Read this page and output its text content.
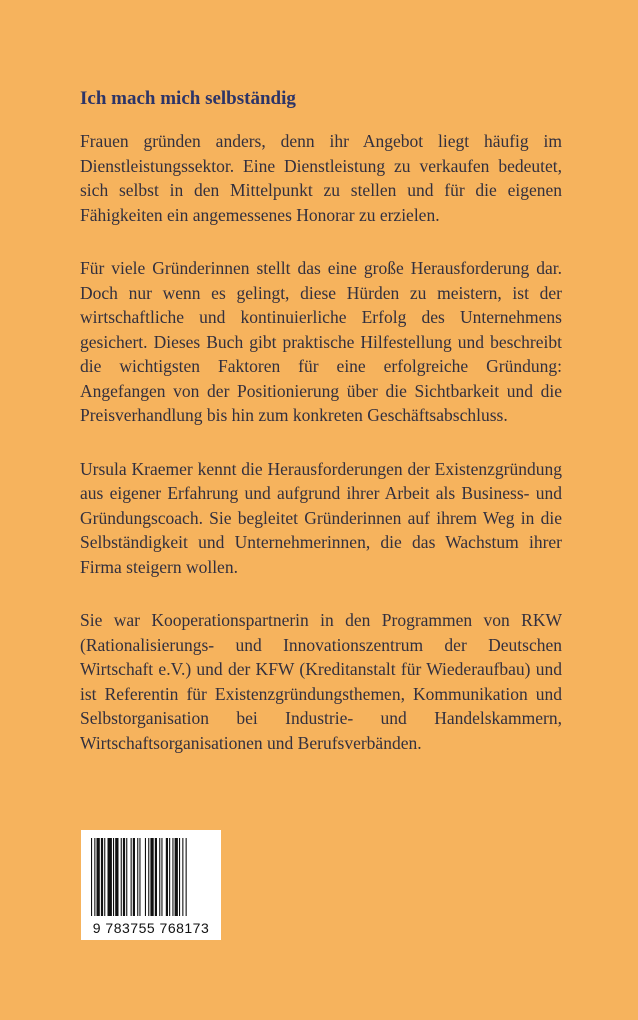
Ich mach mich selbständig

Frauen gründen anders, denn ihr Angebot liegt häufig im Dienstleistungssektor. Eine Dienstleistung zu verkaufen bedeutet, sich selbst in den Mittelpunkt zu stellen und für die eigenen Fähigkeiten ein angemessenes Honorar zu erzielen.

Für viele Gründerinnen stellt das eine große Herausforderung dar. Doch nur wenn es gelingt, diese Hürden zu meistern, ist der wirtschaftliche und kontinuierliche Erfolg des Unternehmens gesichert. Dieses Buch gibt praktische Hilfestellung und beschreibt die wichtigsten Faktoren für eine erfolgreiche Gründung: Angefangen von der Positionierung über die Sichtbarkeit und die Preisverhandlung bis hin zum konkreten Geschäftsabschluss.

Ursula Kraemer kennt die Herausforderungen der Existenzgründung aus eigener Erfahrung und aufgrund ihrer Arbeit als Business- und Gründungscoach. Sie begleitet Gründerinnen auf ihrem Weg in die Selbständigkeit und Unternehmerinnen, die das Wachstum ihrer Firma steigern wollen.

Sie war Kooperationspartnerin in den Programmen von RKW (Rationalisierungs- und Innovationszentrum der Deutschen Wirtschaft e.V.) und der KFW (Kreditanstalt für Wiederaufbau) und ist Referentin für Existenzgründungsthemen, Kommunikation und Selbstorganisation bei Industrie- und Handelskammern, Wirtschaftsorganisationen und Berufsverbänden.

9 783755 768173
